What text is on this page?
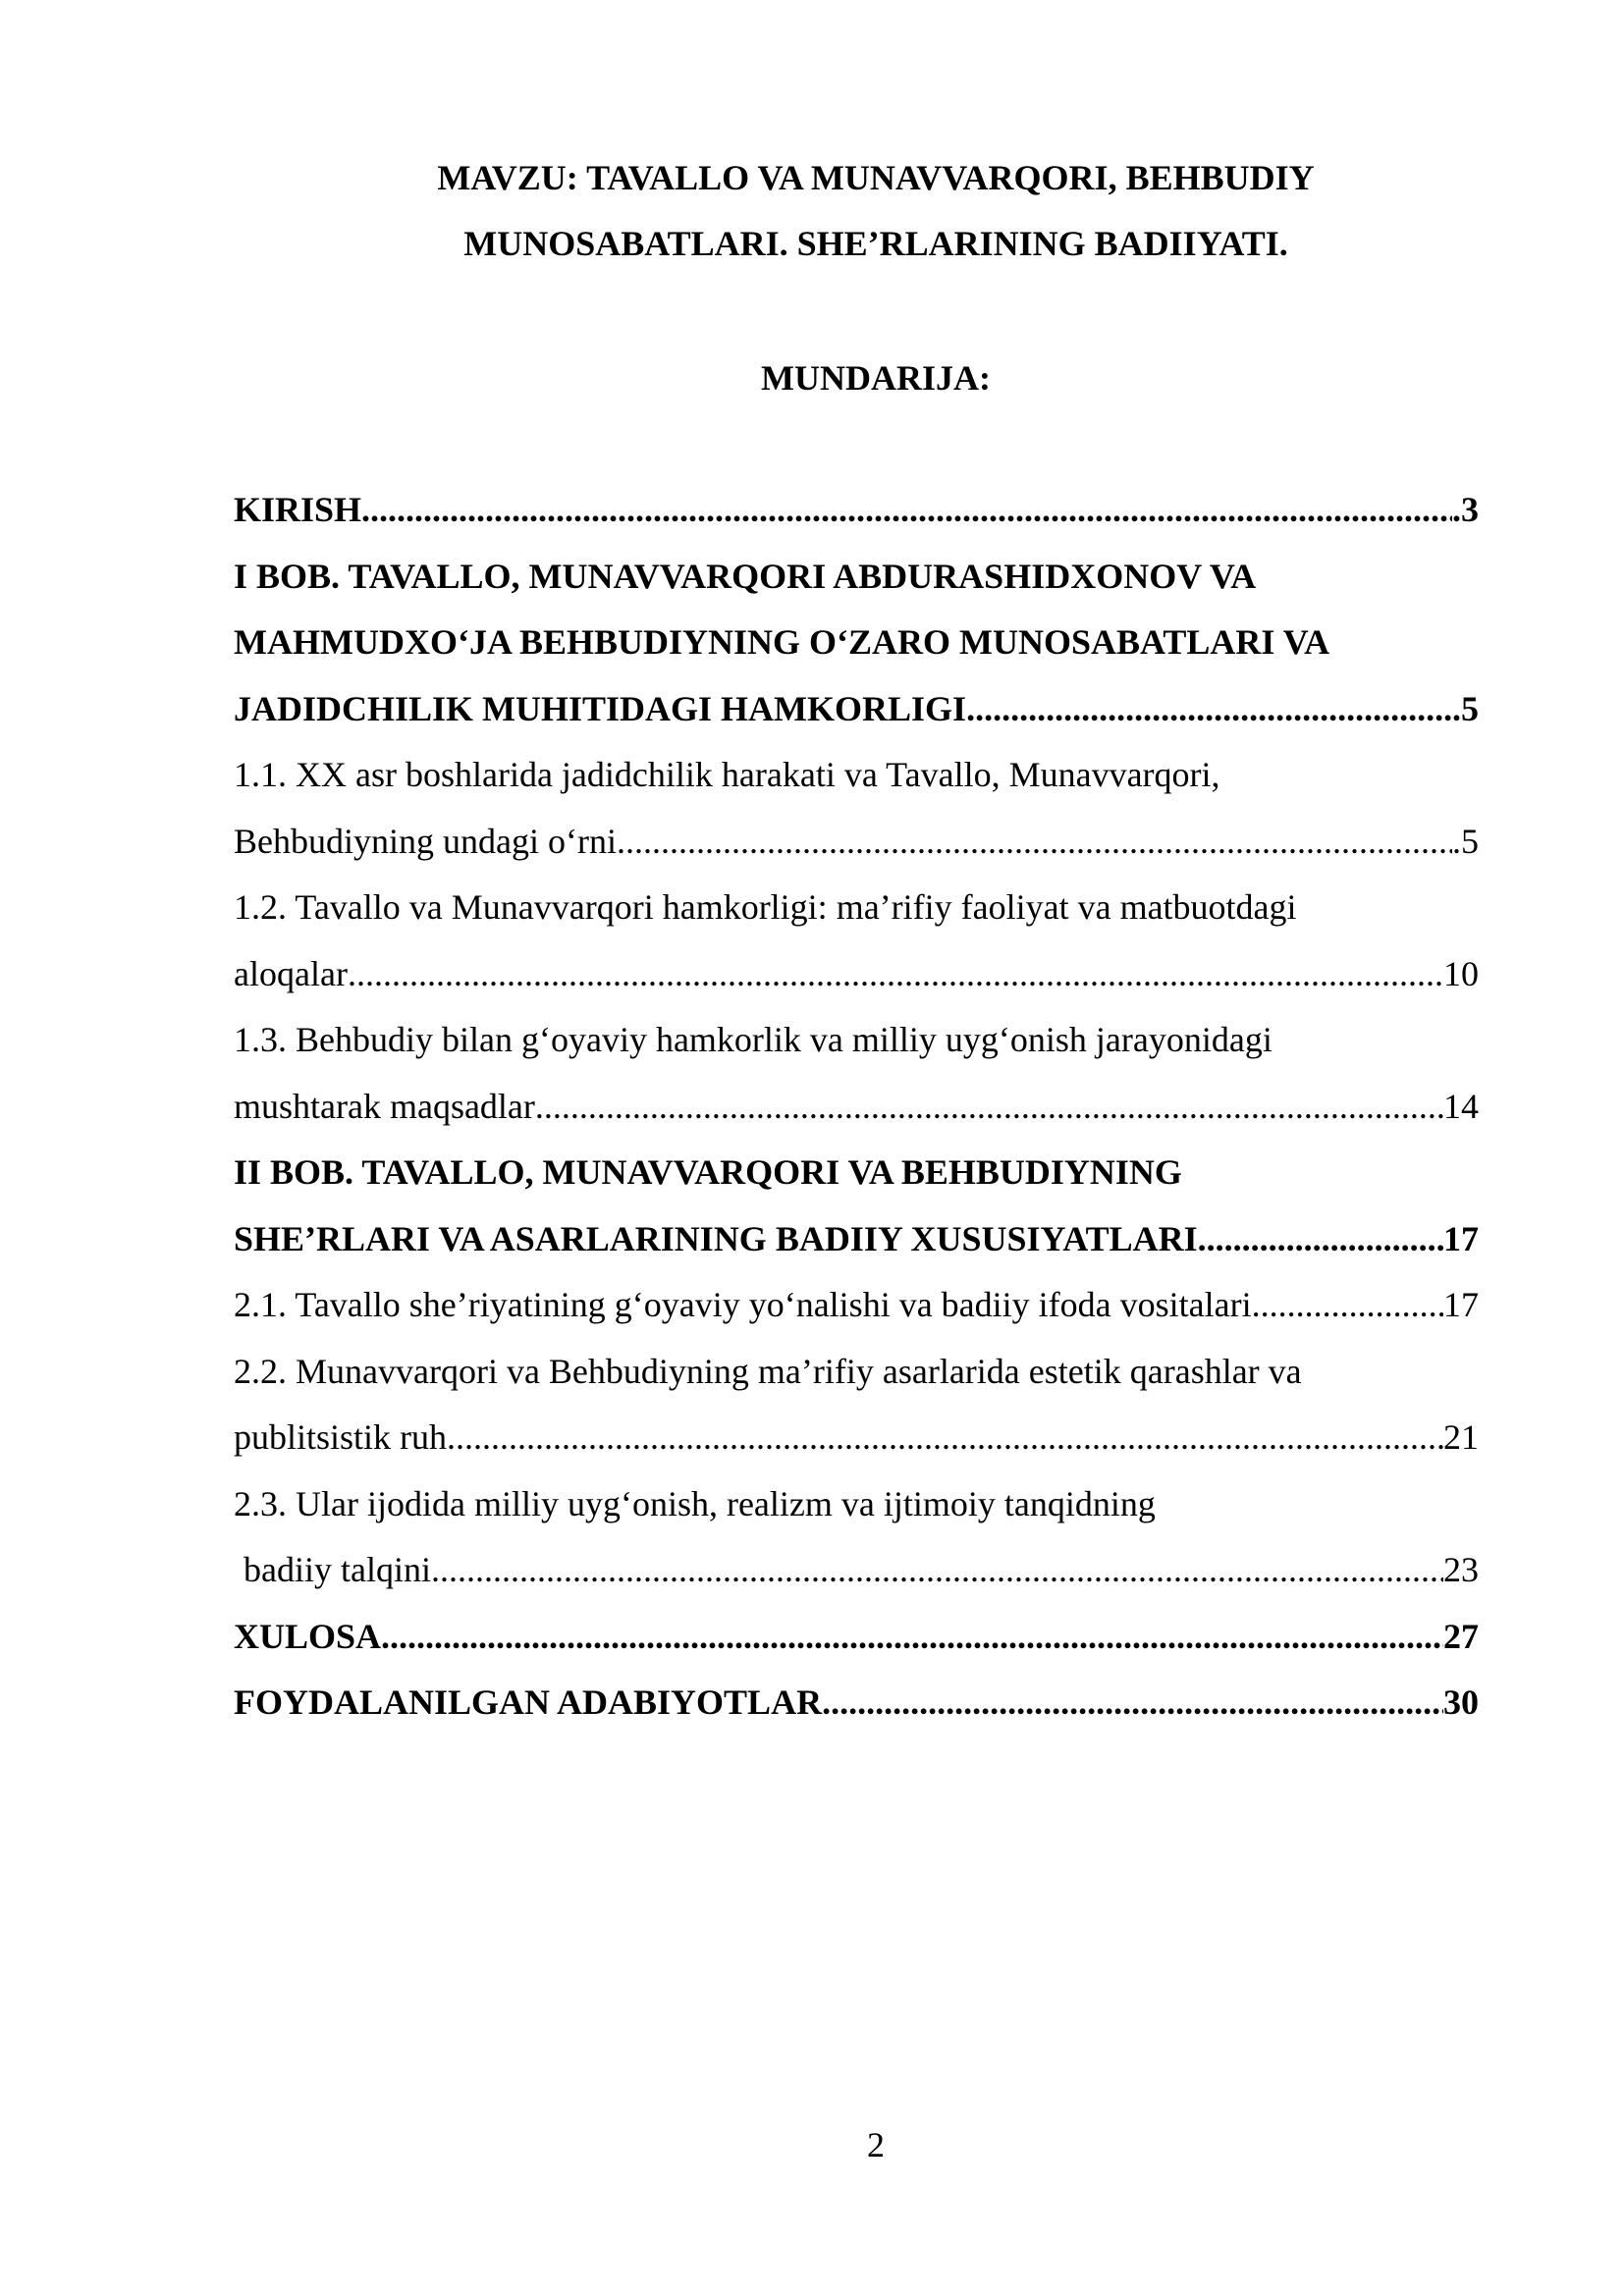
MAVZU: TAVALLO VA MUNAVVARQORI, BEHBUDIY
MUNOSABATLARI. SHE’RLARINING BADIIYATI.
MUNDARIJA:
KIRISH .....	.3
I BOB. TAVALLO, MUNAVVARQORI ABDURASHIDXONOV VA
MAHMUDXO‘JA BEHBUDIYNING O‘ZARO MUNOSABATLARI VA
JADIDCHILIK MUHITIDAGI HAMKORLIGI .....	.5
1.1. XX asr boshlarida jadidchilik harakati va Tavallo, Munavvarqori,
Behbudiyning undagi o‘rni .....	.5
1.2. Tavallo va Munavvarqori hamkorligi: ma’rifiy faoliyat va matbuotdagi
aloqalar .....	10
1.3. Behbudiy bilan g‘oyaviy hamkorlik va milliy uyg‘onish jarayonidagi
mushtarak maqsadlar .....	14
II BOB. TAVALLO, MUNAVVARQORI VA BEHBUDIYNING
SHE’RLARI VA ASARLARINING BADIIY XUSUSIYATLARI .....	17
2.1. Tavallo she’riyatining g‘oyaviy yo‘nalishi va badiiy ifoda vositalari .....	17
2.2. Munavvarqori va Behbudiyning ma’rifiy asarlarida estetik qarashlar va
publitsistik ruh .....	21
2.3. Ular ijodida milliy uyg‘onish, realizm va ijtimoiy tanqidning
badiiy talqini .....	23
XULOSA .....	27
FOYDALANILGAN ADABIYOTLAR .....	30
2
